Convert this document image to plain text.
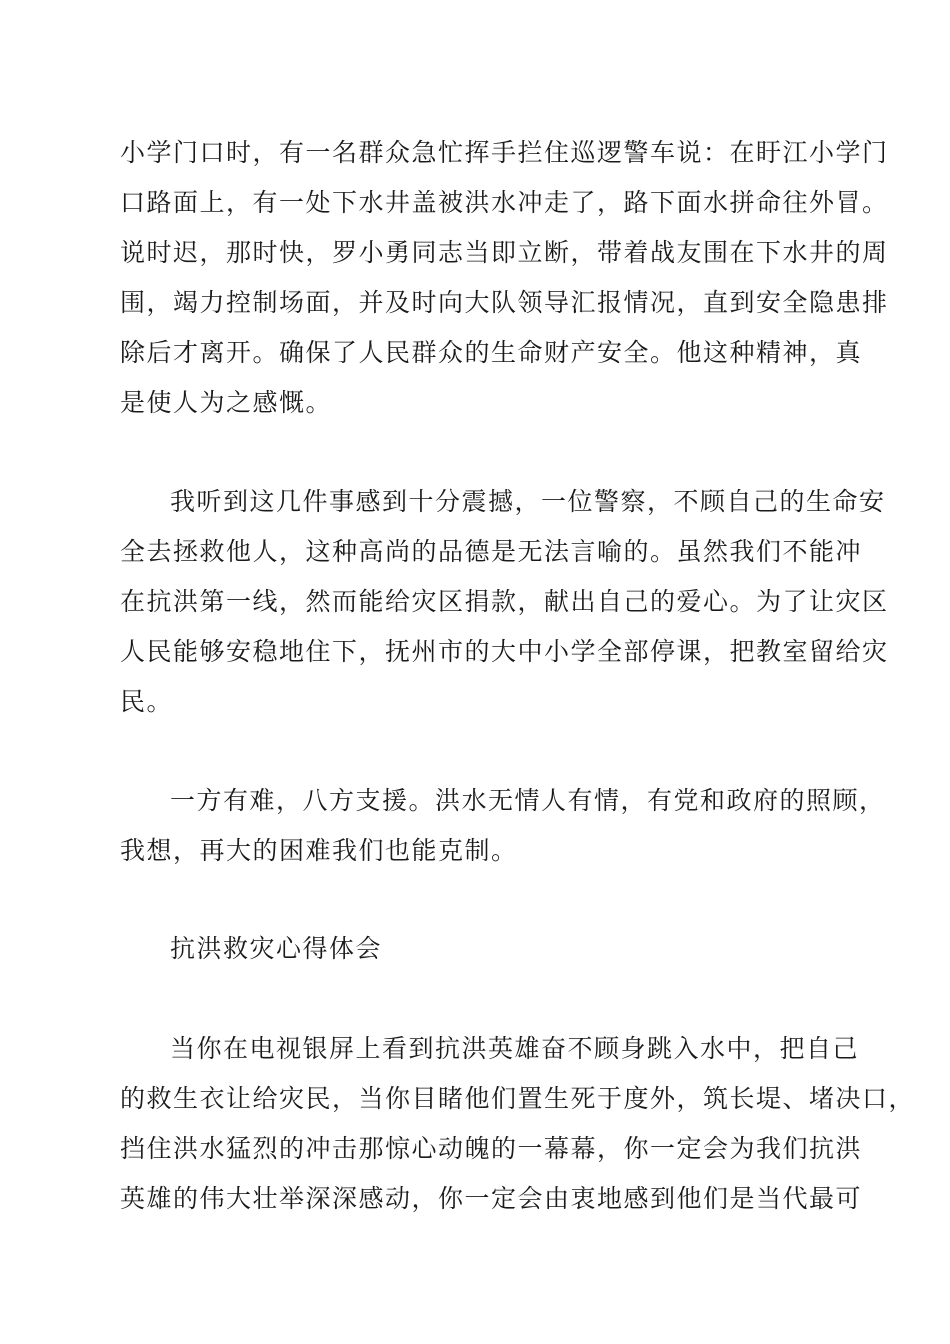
小学门口时，有一名群众急忙挥手拦住巡逻警车说：在盱江小学门
口路面上，有一处下水井盖被洪水冲走了，路下面水拼命往外冒。
说时迟，那时快，罗小勇同志当即立断，带着战友围在下水井的周
围，竭力控制场面，并及时向大队领导汇报情况，直到安全隐患排
除后才离开。确保了人民群众的生命财产安全。他这种精神，真
是使人为之感慨。
我听到这几件事感到十分震撼，一位警察，不顾自己的生命安
全去拯救他人，这种高尚的品德是无法言喻的。虽然我们不能冲
在抗洪第一线，然而能给灾区捐款，献出自己的爱心。为了让灾区
人民能够安稳地住下，抚州市的大中小学全部停课，把教室留给灾
民。
一方有难，八方支援。洪水无情人有情，有党和政府的照顾，
我想，再大的困难我们也能克制。
抗洪救灾心得体会
当你在电视银屏上看到抗洪英雄奋不顾身跳入水中，把自己
的救生衣让给灾民，当你目睹他们置生死于度外，筑长堤、堵决口，
挡住洪水猛烈的冲击那惊心动魄的一幕幕，你一定会为我们抗洪
英雄的伟大壮举深深感动，你一定会由衷地感到他们是当代最可
